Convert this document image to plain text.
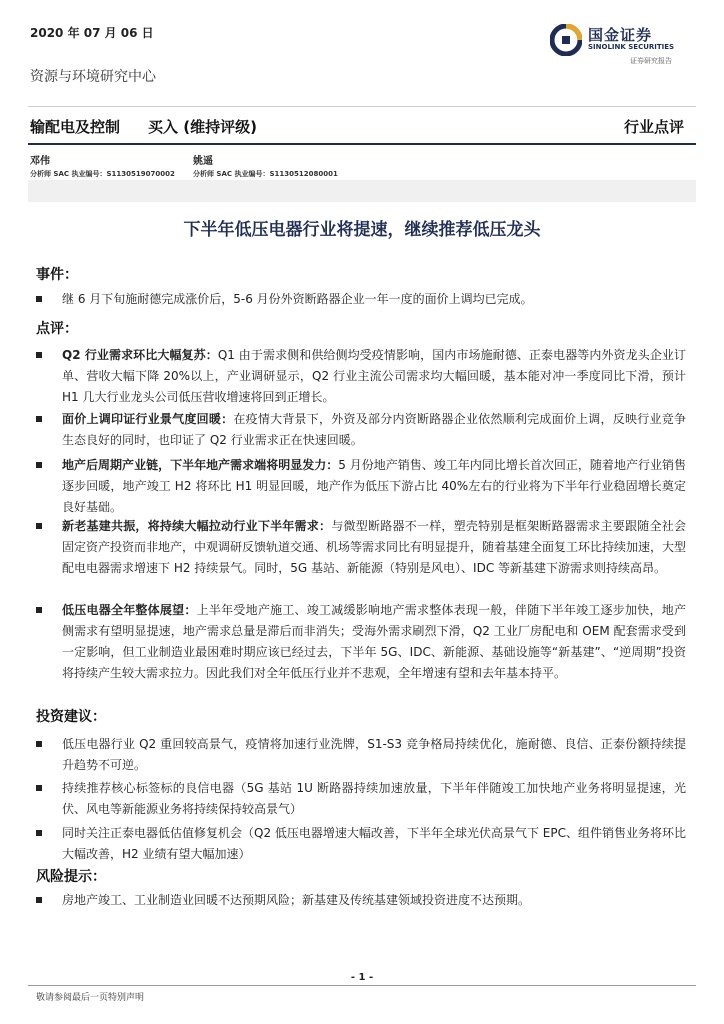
2020 年 07 月 06 日	国金证券
SINOLINK SECURITIES
证券研究报告
资源与环境研究中心
输配电及控制 买入 (维持评级)	行业点评
邓伟
分析师 SAC 执业编号：S1130519070002
姚遥
分析师 SAC 执业编号：S1130512080001
下半年低压电器行业将提速，继续推荐低压龙头
事件：
继 6 月下旬施耐德完成涨价后，5-6 月份外资断路器企业一年一度的面价上调均已完成。
点评：
Q2 行业需求环比大幅复苏：Q1 由于需求侧和供给侧均受疫情影响，国内市场施耐德、正泰电器等内外资龙头企业订单、营收大幅下降 20%以上，产业调研显示，Q2 行业主流公司需求均大幅回暖，基本能对冲一季度同比下滑，预计 H1 几大行业龙头公司低压营收增速将回到正增长。
面价上调印证行业景气度回暖：在疫情大背景下，外资及部分内资断路器企业依然顺利完成面价上调，反映行业竞争生态良好的同时，也印证了 Q2 行业需求正在快速回暖。
地产后周期产业链，下半年地产需求端将明显发力：5 月份地产销售、竣工年内同比增长首次回正，随着地产行业销售逐步回暖，地产竣工 H2 将环比 H1 明显回暖，地产作为低压下游占比 40%左右的行业将为下半年行业稳固增长奠定良好基础。
新老基建共振，将持续大幅拉动行业下半年需求：与微型断路器不一样，塑壳特别是框架断路器需求主要跟随全社会固定资产投资而非地产，中观调研反馈轨道交通、机场等需求同比有明显提升，随着基建全面复工环比持续加速，大型配电电器需求增速下 H2 持续景气。同时，5G 基站、新能源（特别是风电）、IDC 等新基建下游需求则持续高昂。
低压电器全年整体展望：上半年受地产施工、竣工减缓影响地产需求整体表现一般，伴随下半年竣工逐步加快，地产侧需求有望明显提速，地产需求总量是滞后而非消失；受海外需求刷烈下滑，Q2 工业厂房配电和 OEM 配套需求受到一定影响，但工业制造业最困难时期应该已经过去，下半年 5G、IDC、新能源、基础设施等“新基建”、“逆周期”投资将持续产生较大需求拉力。因此我们对全年低压行业并不悲观，全年增速有望和去年基本持平。
投资建议：
低压电器行业 Q2 重回较高景气，疫情将加速行业洗牌，S1-S3 竞争格局持续优化，施耐德、良信、正泰份额持续提升趋势不可逆。
持续推荐核心标签标的良信电器（5G 基站 1U 断路器持续加速放量，下半年伴随竣工加快地产业务将明显提速，光伏、风电等新能源业务将持续保持较高景气）
同时关注正泰电器低估值修复机会（Q2 低压电器增速大幅改善，下半年全球光伏高景气下 EPC、组件销售业务将环比大幅改善，H2 业绩有望大幅加速）
风险提示：
房地产竣工、工业制造业回暖不达预期风险；新基建及传统基建领域投资进度不达预期。
- 1 -
敬请参阅最后一页特别声明
